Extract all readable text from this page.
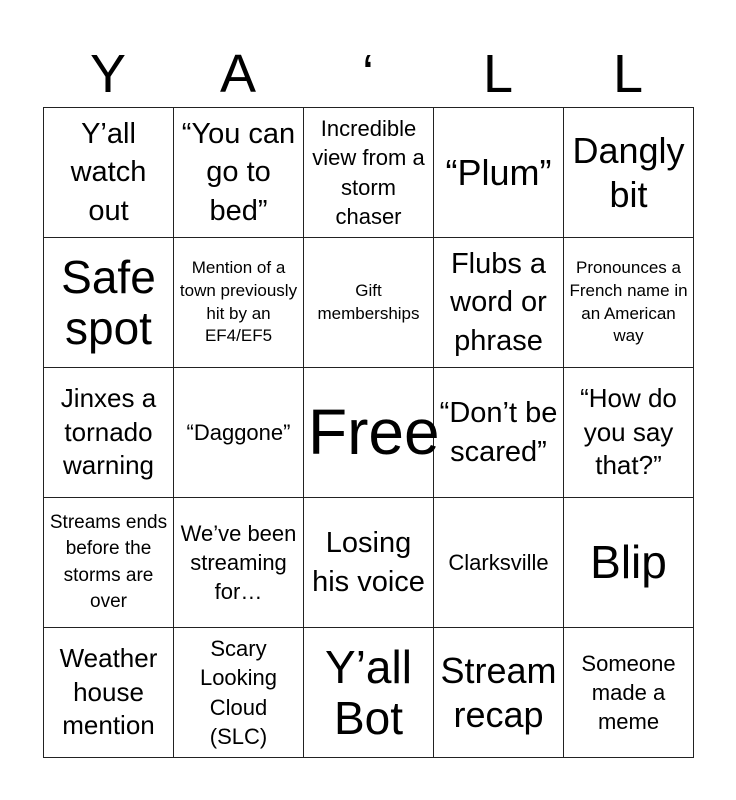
Y	A	‘	L	L
Y’all watch out	“You can go to bed”	Incredible view from a storm chaser	“Plum”	Dangly bit

Safe spot	Mention of a town previously hit by an EF4/EF5	Gift memberships	Flubs a word or phrase	Pronounces a French name in an American way

Jinxes a tornado warning	“Daggone”	Free	“Don’t be scared”	“How do you say that?”

Streams ends before the storms are over	We’ve been streaming for…	Losing his voice	Clarksville	Blip

Weather house mention	Scary Looking Cloud (SLC)	Y’all Bot	Stream recap	Someone made a meme
